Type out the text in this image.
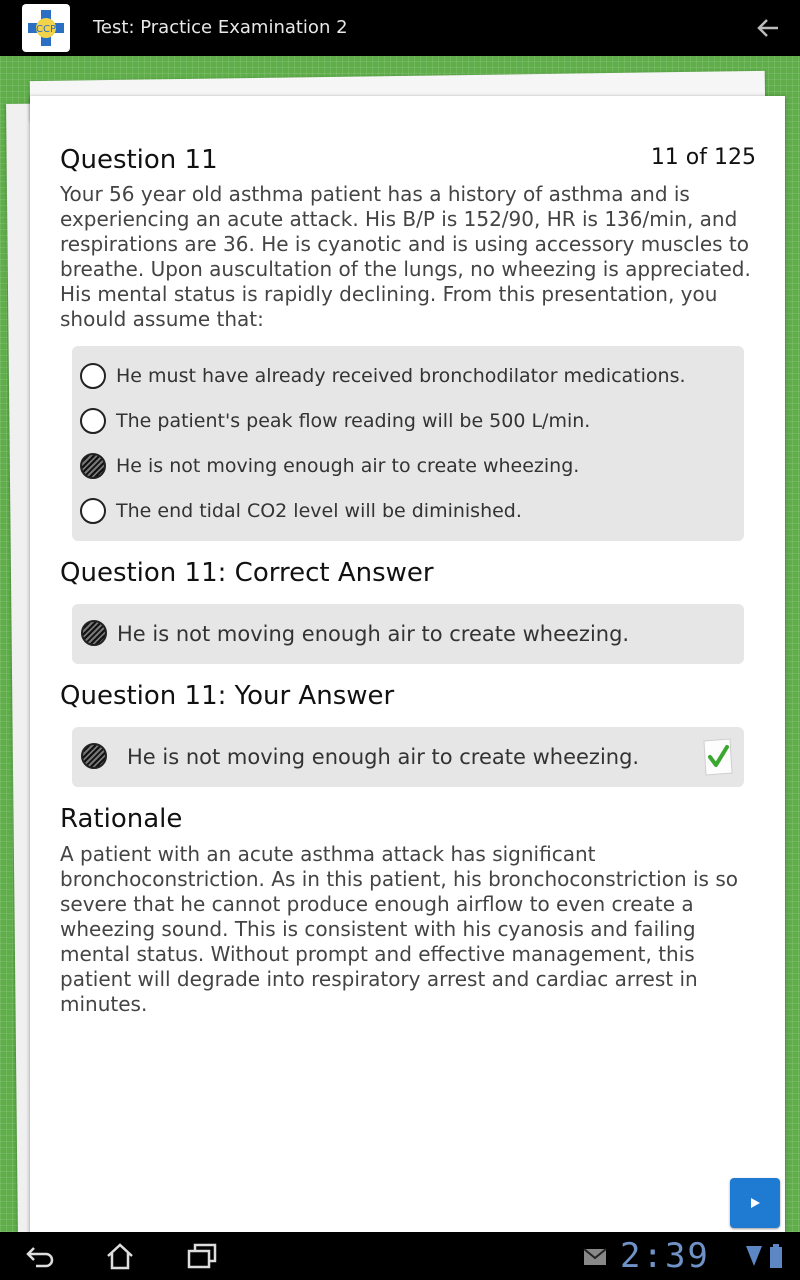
CCP Test: Practice Examination 2
Question 11	11 of 125
Your 56 year old asthma patient has a history of asthma and is experiencing an acute attack. His B/P is 152/90, HR is 136/min, and respirations are 36. He is cyanotic and is using accessory muscles to breathe. Upon auscultation of the lungs, no wheezing is appreciated. His mental status is rapidly declining. From this presentation, you should assume that:
He must have already received bronchodilator medications.
The patient's peak flow reading will be 500 L/min.
He is not moving enough air to create wheezing.
The end tidal CO2 level will be diminished.
Question 11: Correct Answer
He is not moving enough air to create wheezing.
Question 11: Your Answer
He is not moving enough air to create wheezing.
Rationale
A patient with an acute asthma attack has significant bronchoconstriction. As in this patient, his bronchoconstriction is so severe that he cannot produce enough airflow to even create a wheezing sound. This is consistent with his cyanosis and failing mental status. Without prompt and effective management, this patient will degrade into respiratory arrest and cardiac arrest in minutes.
2:39
